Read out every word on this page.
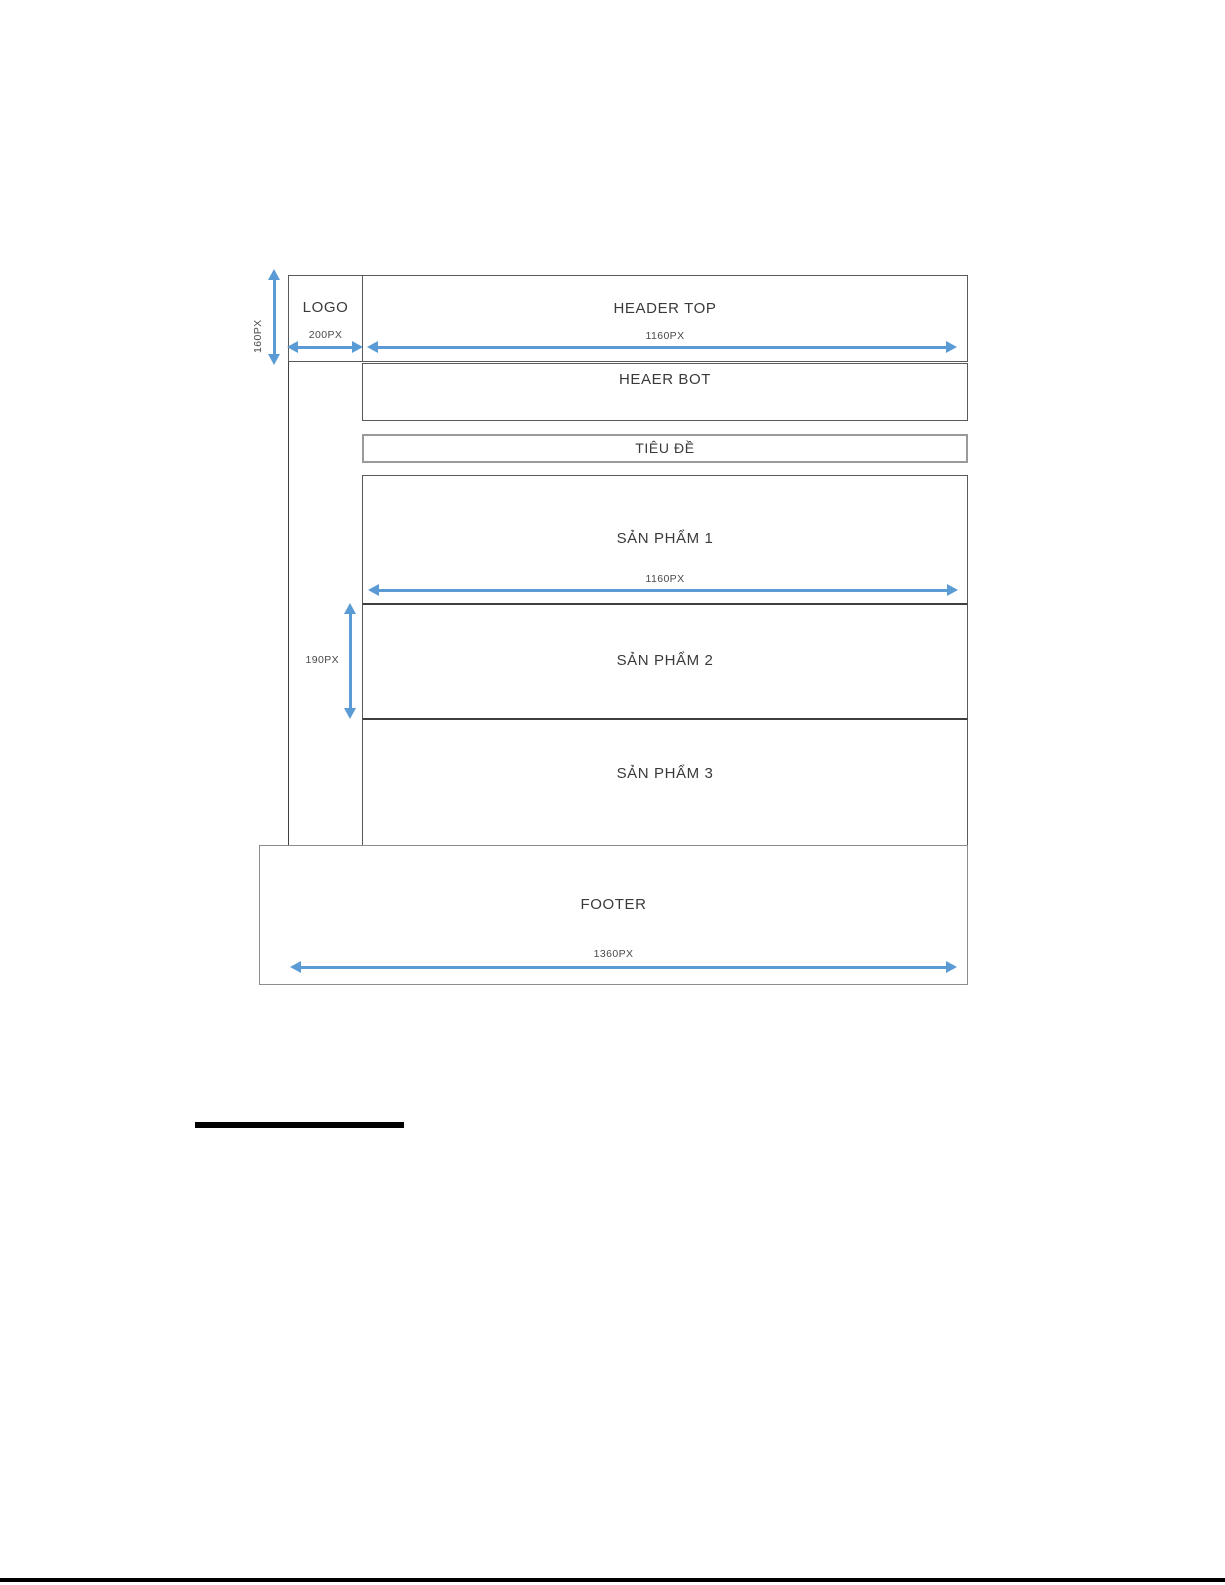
LOGO
200PX
160PX
HEADER TOP
1160PX
HEAER BOT
TIÊU ĐỀ
SẢN PHẨM 1
1160PX
SẢN PHẨM 2
190PX
SẢN PHẨM 3
FOOTER
1360PX
